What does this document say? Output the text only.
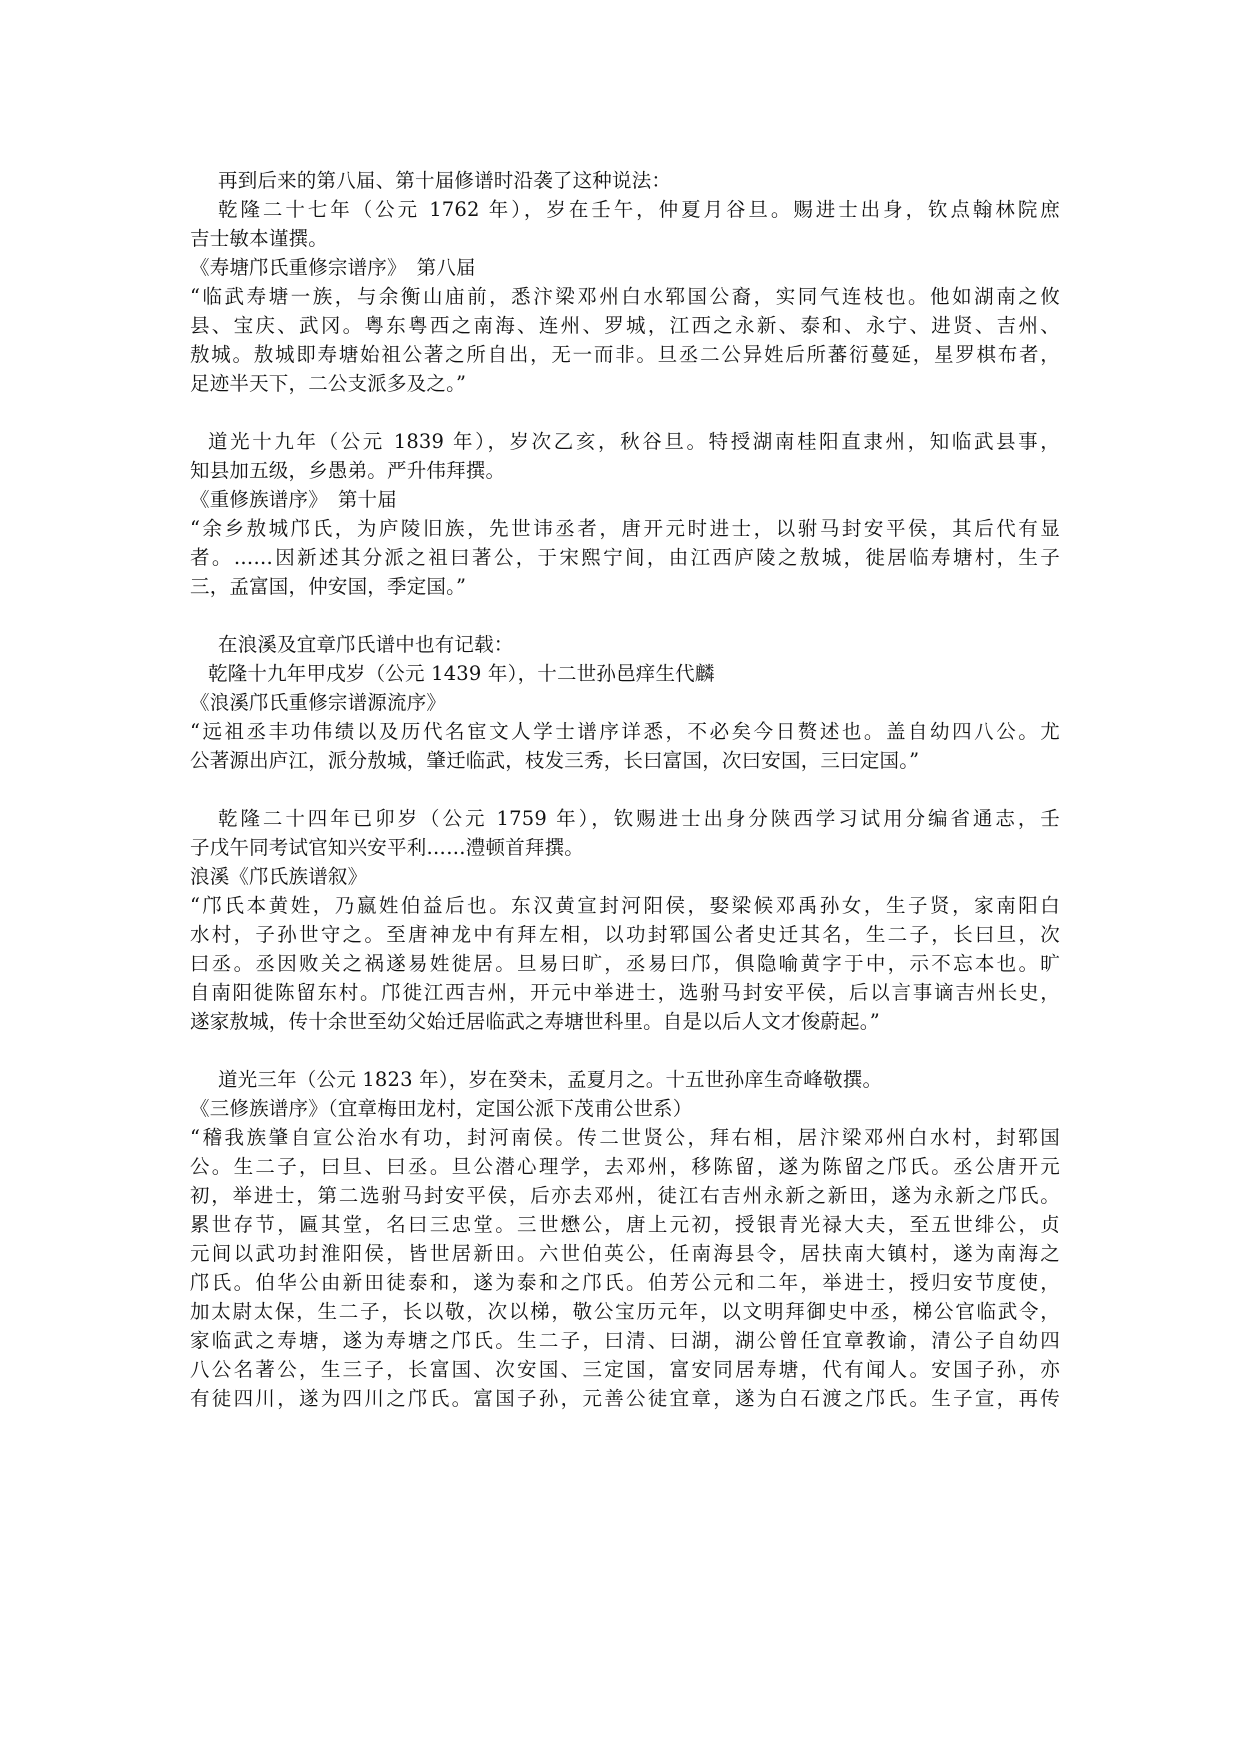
再到后来的第八届、第十届修谱时沿袭了这种说法：

乾隆二十七年（公元 1762 年），岁在壬午，仲夏月谷旦。赐进士出身，钦点翰林院庶

吉士敏本谨撰。

《寿塘邝氏重修宗谱序》　第八届

“临武寿塘一族，与余衡山庙前，悉汴梁邓州白水郓国公裔，实同气连枝也。他如湖南之攸

县、宝庆、武冈。粤东粤西之南海、连州、罗城，江西之永新、泰和、永宁、进贤、吉州、

敖城。敖城即寿塘始祖公著之所自出，无一而非。旦丞二公异姓后所蕃衍蔓延，星罗棋布者，

足迹半天下，二公支派多及之。”

道光十九年（公元 1839 年），岁次乙亥，秋谷旦。特授湖南桂阳直隶州，知临武县事，

知县加五级，乡愚弟。严升伟拜撰。

《重修族谱序》　第十届

“余乡敖城邝氏，为庐陵旧族，先世讳丞者，唐开元时进士，以驸马封安平侯，其后代有显

者。……因新述其分派之祖曰著公，于宋熙宁间，由江西庐陵之敖城，徙居临寿塘村，生子

三，孟富国，仲安国，季定国。”

在浪溪及宜章邝氏谱中也有记载：

乾隆十九年甲戌岁（公元 1439 年），十二世孙邑痒生代麟

《浪溪邝氏重修宗谱源流序》

“远祖丞丰功伟绩以及历代名宦文人学士谱序详悉，不必矣今日赘述也。盖自幼四八公。尤

公著源出庐江，派分敖城，肇迁临武，枝发三秀，长曰富国，次曰安国，三曰定国。”

乾隆二十四年已卯岁（公元 1759 年），钦赐进士出身分陕西学习试用分编省通志，壬

子戊午同考试官知兴安平利……澧顿首拜撰。

浪溪《邝氏族谱叙》

“邝氏本黄姓，乃嬴姓伯益后也。东汉黄宣封河阳侯，娶梁候邓禹孙女，生子贤，家南阳白

水村，子孙世守之。至唐神龙中有拜左相，以功封郓国公者史迁其名，生二子，长曰旦，次

曰丞。丞因败关之祸遂易姓徙居。旦易曰旷，丞易曰邝，俱隐喻黄字于中，示不忘本也。旷

自南阳徙陈留东村。邝徙江西吉州，开元中举进士，选驸马封安平侯，后以言事谪吉州长史，

遂家敖城，传十余世至幼父始迁居临武之寿塘世科里。自是以后人文才俊蔚起。”

道光三年（公元 1823 年），岁在癸未，孟夏月之。十五世孙庠生奇峰敬撰。

《三修族谱序》（宜章梅田龙村，定国公派下茂甫公世系）

“稽我族肇自宣公治水有功，封河南侯。传二世贤公，拜右相，居汴梁邓州白水村，封郓国

公。生二子，曰旦、曰丞。旦公潜心理学，去邓州，移陈留，遂为陈留之邝氏。丞公唐开元

初，举进士，第二选驸马封安平侯，后亦去邓州，徒江右吉州永新之新田，遂为永新之邝氏。

累世存节，匾其堂，名曰三忠堂。三世懋公，唐上元初，授银青光禄大夫，至五世绯公，贞

元间以武功封淮阳侯，皆世居新田。六世伯英公，任南海县令，居扶南大镇村，遂为南海之

邝氏。伯华公由新田徒泰和，遂为泰和之邝氏。伯芳公元和二年，举进士，授归安节度使，

加太尉太保，生二子，长以敬，次以梯，敬公宝历元年，以文明拜御史中丞，梯公官临武令，

家临武之寿塘，遂为寿塘之邝氏。生二子，曰清、曰湖，湖公曾任宜章教谕，清公子自幼四

八公名著公，生三子，长富国、次安国、三定国，富安同居寿塘，代有闻人。安国子孙，亦

有徒四川，遂为四川之邝氏。富国子孙，元善公徒宜章，遂为白石渡之邝氏。生子宣，再传
